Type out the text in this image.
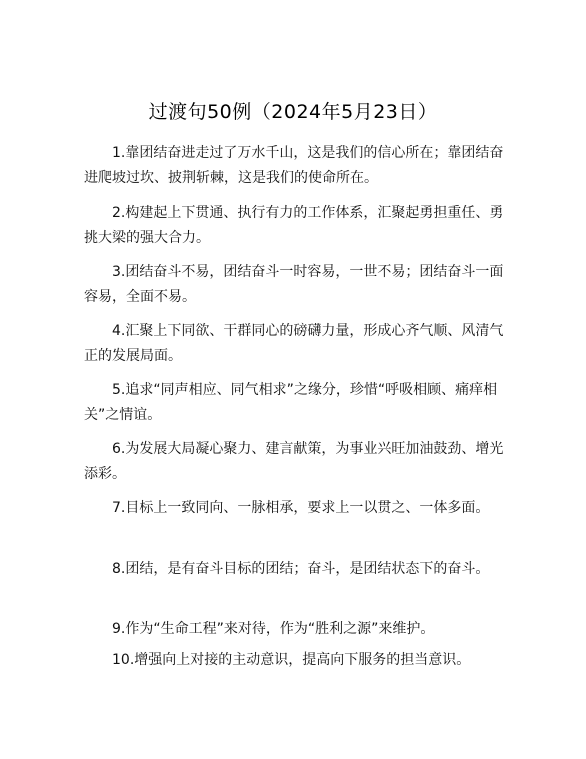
过渡句50例（2024年5月23日）
1.靠团结奋进走过了万水千山，这是我们的信心所在；靠团结奋进爬坡过坎、披荆斩棘，这是我们的使命所在。
2.构建起上下贯通、执行有力的工作体系，汇聚起勇担重任、勇挑大梁的强大合力。
3.团结奋斗不易，团结奋斗一时容易，一世不易；团结奋斗一面容易，全面不易。
4.汇聚上下同欲、干群同心的磅礴力量，形成心齐气顺、风清气正的发展局面。
5.追求“同声相应、同气相求”之缘分，珍惜“呼吸相顾、痛痒相关”之情谊。
6.为发展大局凝心聚力、建言献策，为事业兴旺加油鼓劲、增光添彩。
7.目标上一致同向、一脉相承，要求上一以贯之、一体多面。
8.团结，是有奋斗目标的团结；奋斗，是团结状态下的奋斗。
9.作为“生命工程”来对待，作为“胜利之源”来维护。
10.增强向上对接的主动意识，提高向下服务的担当意识。
